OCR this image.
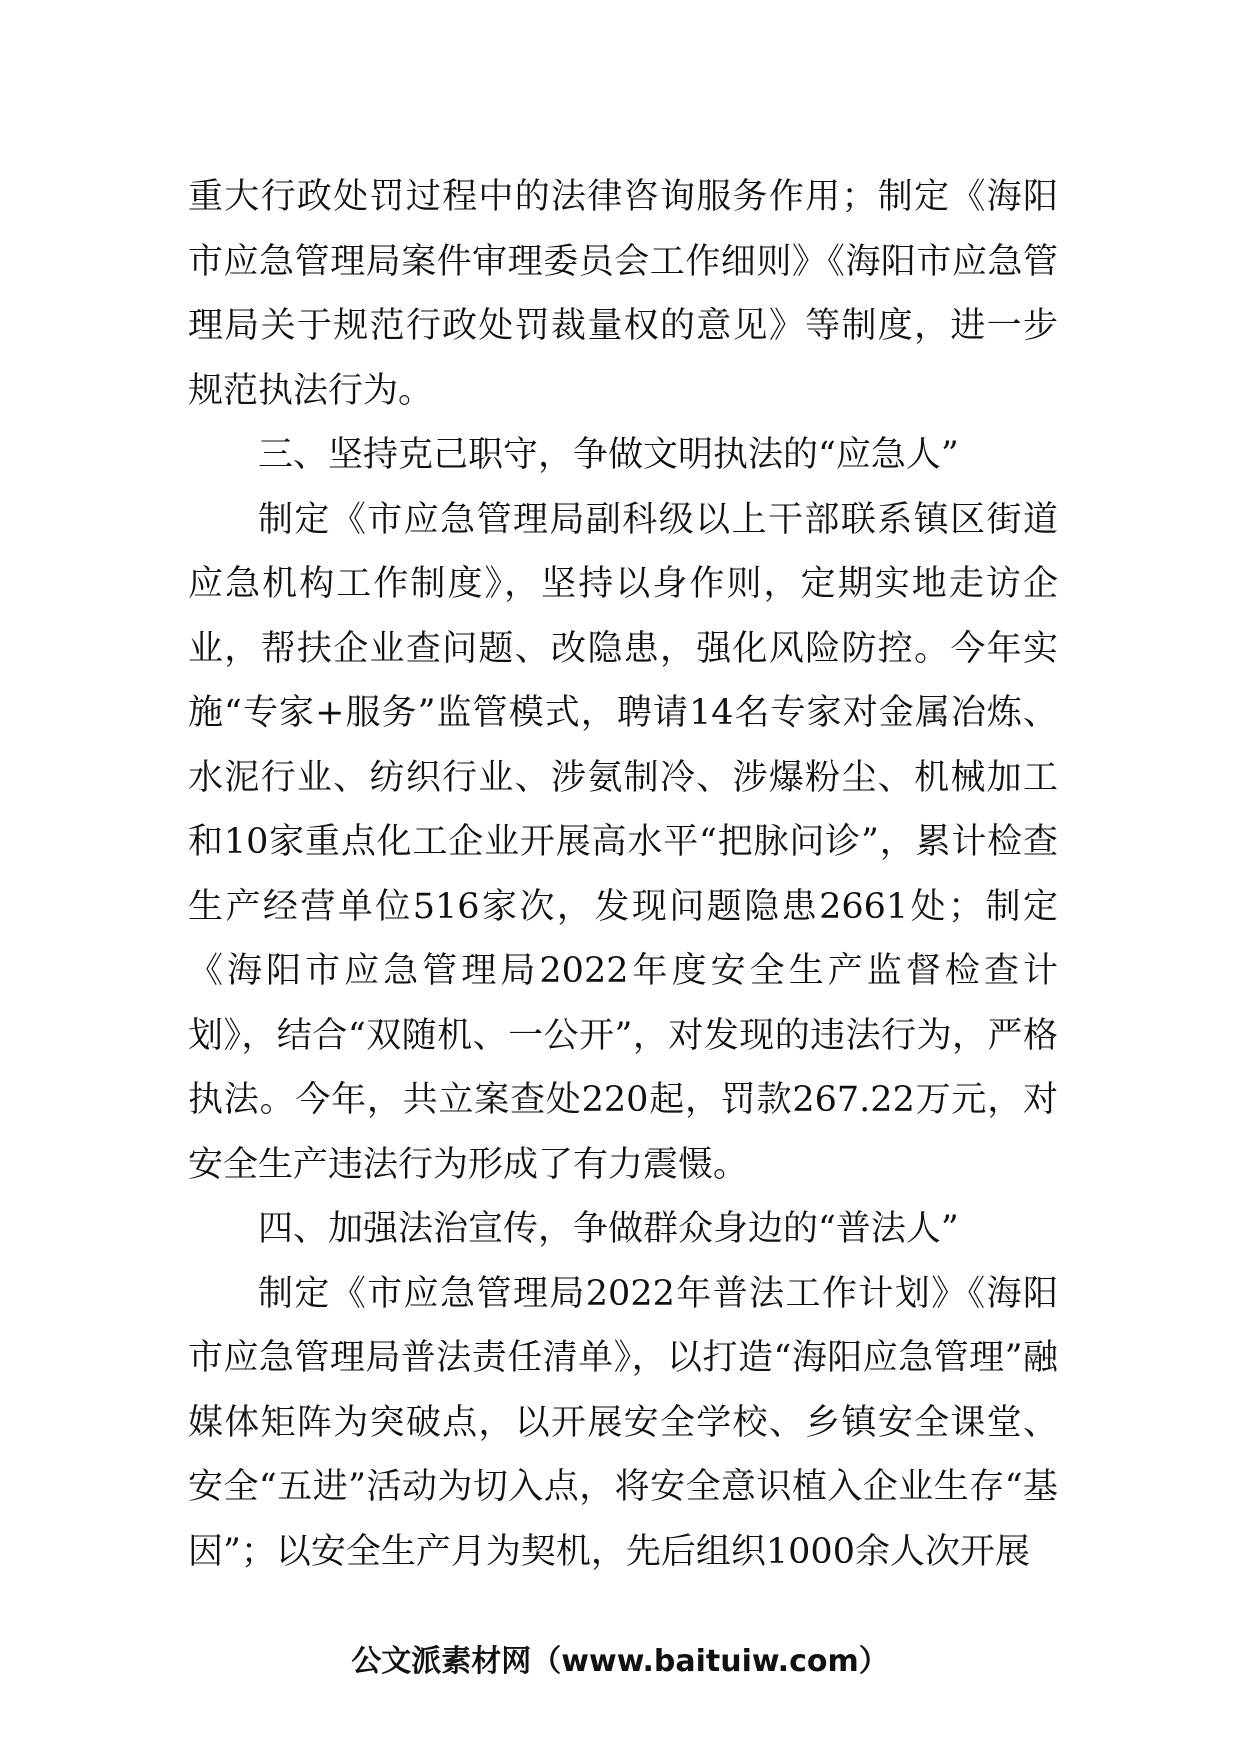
重大行政处罚过程中的法律咨询服务作用；制定《海阳市应急管理局案件审理委员会工作细则》《海阳市应急管理局关于规范行政处罚裁量权的意见》等制度，进一步规范执法行为。

三、坚持克己职守，争做文明执法的“应急人”

制定《市应急管理局副科级以上干部联系镇区街道应急机构工作制度》，坚持以身作则，定期实地走访企业，帮扶企业查问题、改隐患，强化风险防控。今年实施“专家+服务”监管模式，聘请14名专家对金属冶炼、水泥行业、纺织行业、涉氨制冷、涉爆粉尘、机械加工和10家重点化工企业开展高水平“把脉问诊”，累计检查生产经营单位516家次，发现问题隐患2661处；制定《海阳市应急管理局2022年度安全生产监督检查计划》，结合“双随机、一公开”，对发现的违法行为，严格执法。今年，共立案查处220起，罚款267.22万元，对安全生产违法行为形成了有力震慑。

四、加强法治宣传，争做群众身边的“普法人”

制定《市应急管理局2022年普法工作计划》《海阳市应急管理局普法责任清单》，以打造“海阳应急管理”融媒体矩阵为突破点，以开展安全学校、乡镇安全课堂、安全“五进”活动为切入点，将安全意识植入企业生存“基因”；以安全生产月为契机，先后组织1000余人次开展

公文派素材网（www.baituiw.com）
